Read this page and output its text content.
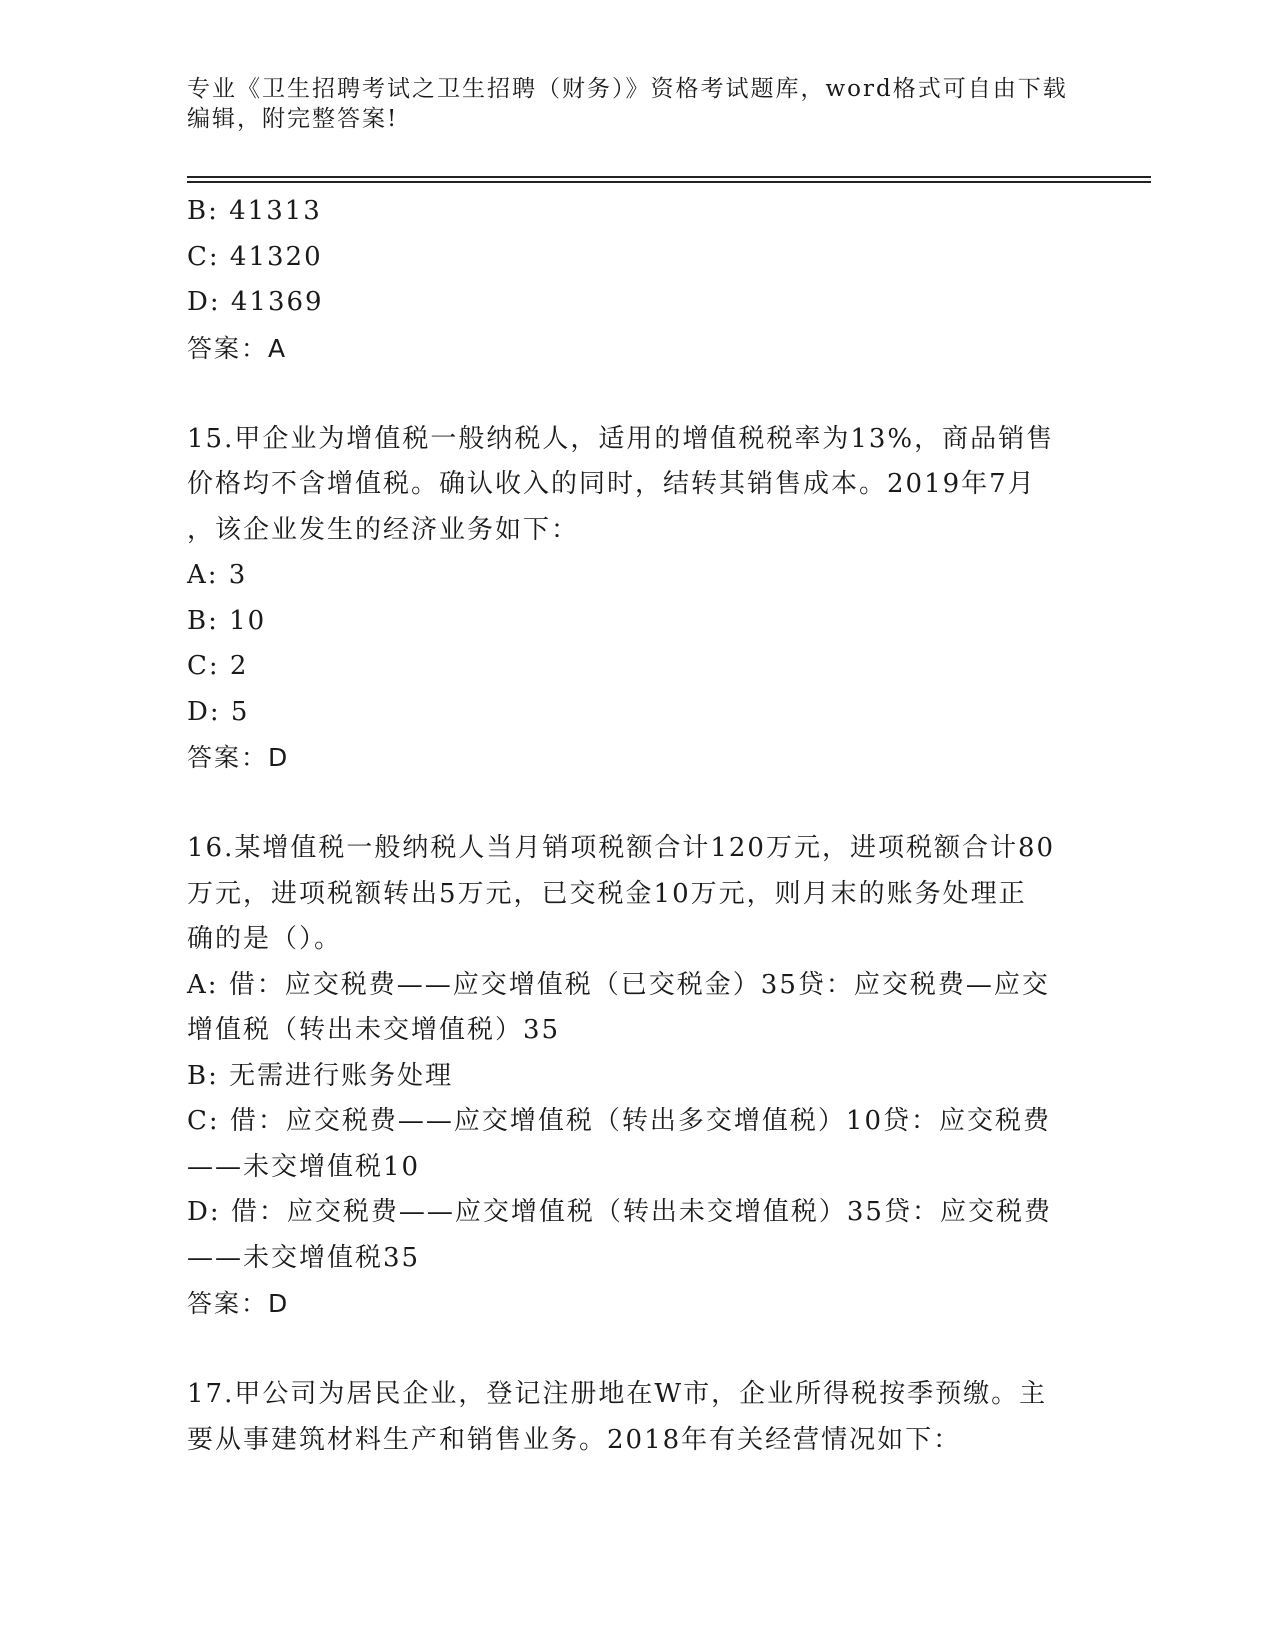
专业《卫生招聘考试之卫生招聘（财务）》资格考试题库，word格式可自由下载
编辑，附完整答案!
B: 41313
C: 41320
D: 41369
答案：A
15.甲企业为增值税一般纳税人，适用的增值税税率为13%，商品销售
价格均不含增值税。确认收入的同时，结转其销售成本。2019年7月
，该企业发生的经济业务如下：
A: 3
B: 10
C: 2
D: 5
答案：D
16.某增值税一般纳税人当月销项税额合计120万元，进项税额合计80
万元，进项税额转出5万元，已交税金10万元，则月末的账务处理正
确的是（）。
A: 借：应交税费——应交增值税（已交税金）35贷：应交税费—应交
增值税（转出未交增值税）35
B: 无需进行账务处理
C: 借：应交税费——应交增值税（转出多交增值税）10贷：应交税费
——未交增值税10
D: 借：应交税费——应交增值税（转出未交增值税）35贷：应交税费
——未交增值税35
答案：D
17.甲公司为居民企业，登记注册地在W市，企业所得税按季预缴。主
要从事建筑材料生产和销售业务。2018年有关经营情况如下：
